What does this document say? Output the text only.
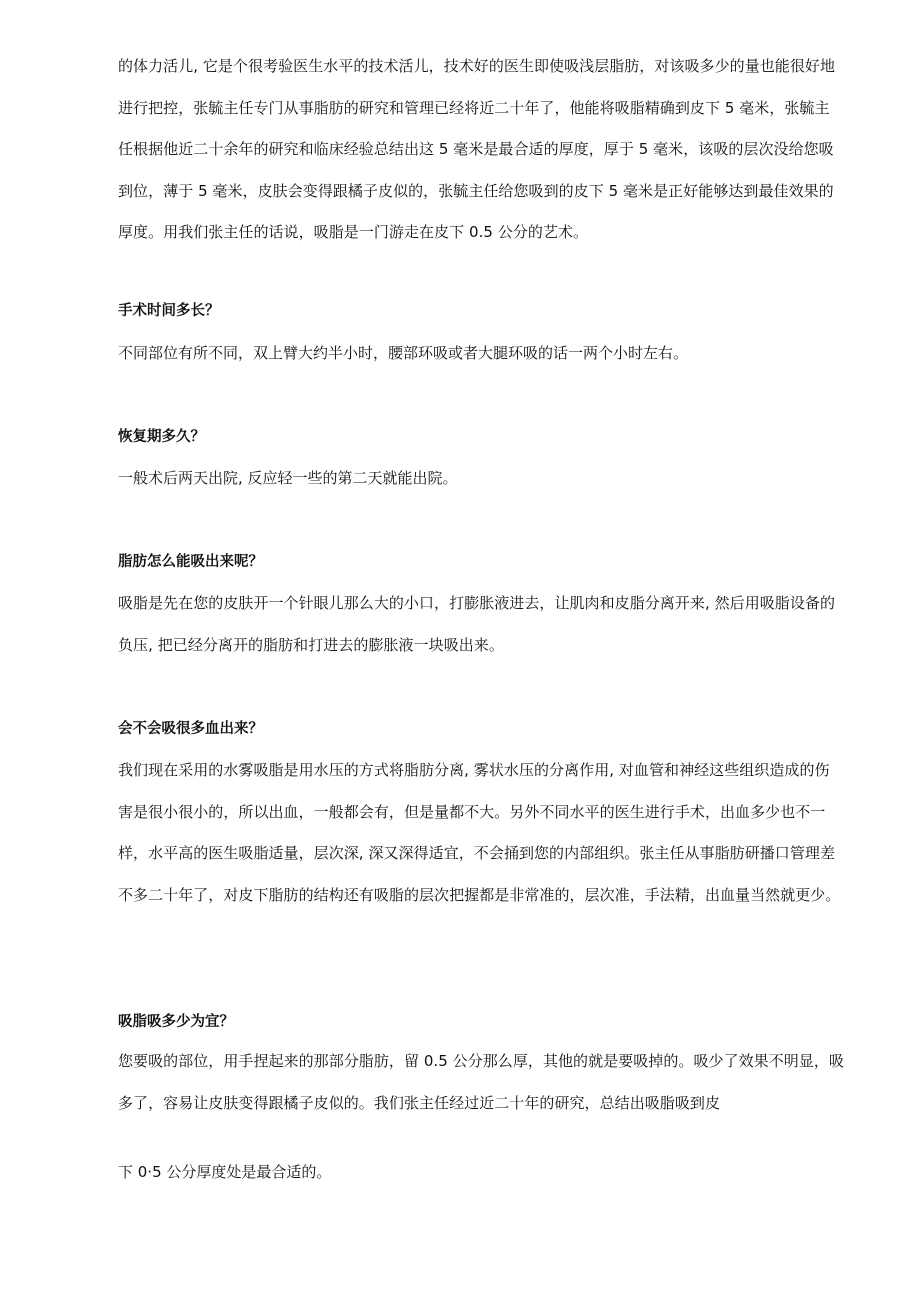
的体力活儿, 它是个很考验医生水平的技术活儿，技术好的医生即使吸浅层脂肪，对该吸多少的量也能很好地进行把控，张毓主任专门从事脂肪的研究和管理已经将近二十年了，他能将吸脂精确到皮下 5 毫米，张毓主任根据他近二十余年的研究和临床经验总结出这 5 毫米是最合适的厚度，厚于 5 毫米，该吸的层次没给您吸到位，薄于 5 毫米，皮肤会变得跟橘子皮似的，张毓主任给您吸到的皮下 5 毫米是正好能够达到最佳效果的厚度。用我们张主任的话说，吸脂是一门游走在皮下 0.5 公分的艺术。

手术时间多长？

不同部位有所不同，双上臂大约半小时，腰部环吸或者大腿环吸的话一两个小时左右。

恢复期多久？

一般术后两天出院, 反应轻一些的第二天就能出院。

脂肪怎么能吸出来呢？

吸脂是先在您的皮肤开一个针眼儿那么大的小口，打膨胀液进去，让肌肉和皮脂分离开来, 然后用吸脂设备的负压, 把已经分离开的脂肪和打进去的膨胀液一块吸出来。

会不会吸很多血出来？

我们现在采用的水雾吸脂是用水压的方式将脂肪分离, 雾状水压的分离作用, 对血管和神经这些组织造成的伤害是很小很小的，所以出血，一般都会有，但是量都不大。另外不同水平的医生进行手术，出血多少也不一样，水平高的医生吸脂适量，层次深, 深又深得适宜，不会捅到您的内部组织。张主任从事脂肪研播口管理差不多二十年了，对皮下脂肪的结构还有吸脂的层次把握都是非常准的，层次准，手法精，出血量当然就更少。

吸脂吸多少为宜？

您要吸的部位，用手捏起来的那部分脂肪，留 0.5 公分那么厚，其他的就是要吸掉的。吸少了效果不明显，吸多了，容易让皮肤变得跟橘子皮似的。我们张主任经过近二十年的研究，总结出吸脂吸到皮

下 0·5 公分厚度处是最合适的。
